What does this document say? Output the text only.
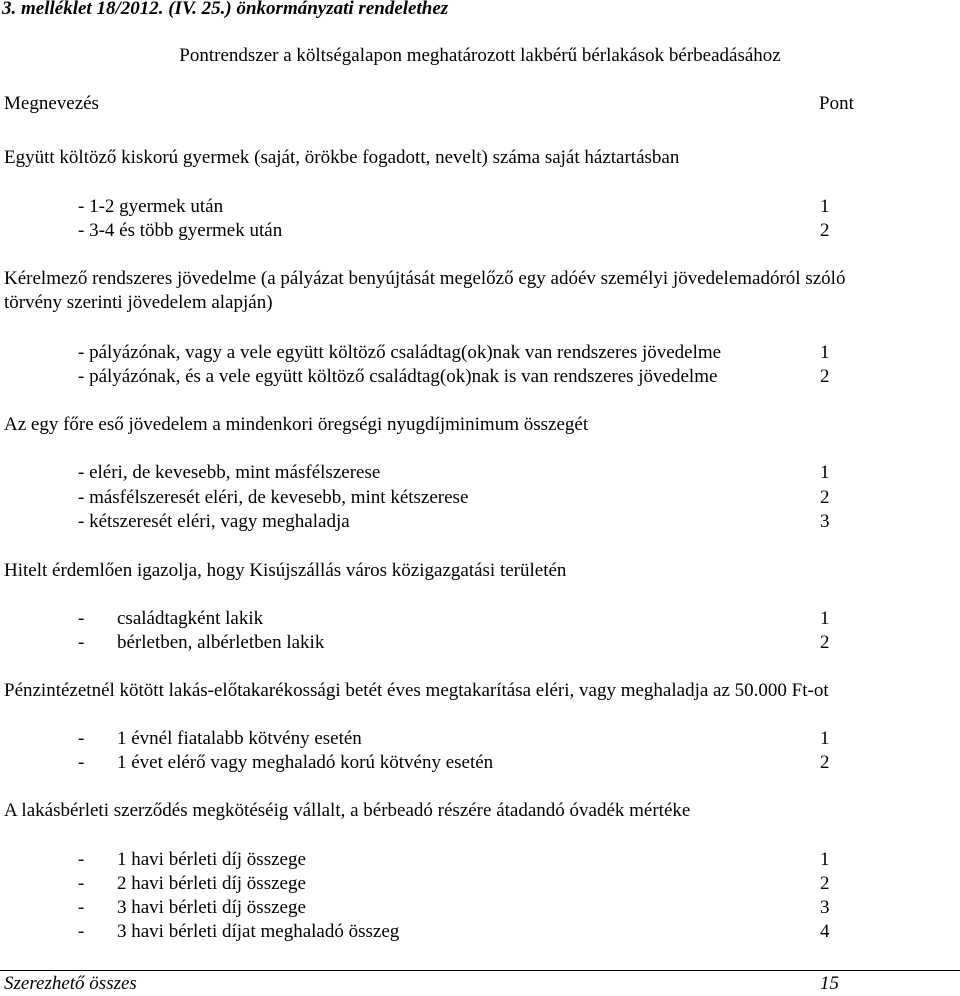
3. melléklet 18/2012. (IV. 25.) önkormányzati rendelethez
Pontrendszer a költségalapon meghatározott lakbérű bérlakások bérbeadásához
Megnevezés	Pont
Együtt költöző kiskorú gyermek (saját, örökbe fogadott, nevelt) száma saját háztartásban
- 1-2 gyermek után	1
- 3-4 és több gyermek után	2
Kérelmező rendszeres jövedelme (a pályázat benyújtását megelőző egy adóév személyi jövedelemadóról szóló
törvény szerinti jövedelem alapján)
- pályázónak, vagy a vele együtt költöző családtag(ok)nak van rendszeres jövedelme	1
- pályázónak, és a vele együtt költöző családtag(ok)nak is van rendszeres jövedelme	2
Az egy főre eső jövedelem a mindenkori öregségi nyugdíjminimum összegét
- eléri, de kevesebb, mint másfélszerese	1
- másfélszeresét eléri, de kevesebb, mint kétszerese	2
- kétszeresét eléri, vagy meghaladja	3
Hitelt érdemlően igazolja, hogy Kisújszállás város közigazgatási területén
- családtagként lakik	1
- bérletben, albérletben lakik	2
Pénzintézetnél kötött lakás-előtakarékossági betét éves megtakarítása eléri, vagy meghaladja az 50.000 Ft-ot
- 1 évnél fiatalabb kötvény esetén	1
- 1 évet elérő vagy meghaladó korú kötvény esetén	2
A lakásbérleti szerződés megkötéséig vállalt, a bérbeadó részére átadandó óvadék mértéke
- 1 havi bérleti díj összege	1
- 2 havi bérleti díj összege	2
- 3 havi bérleti díj összege	3
- 3 havi bérleti díjat meghaladó összeg	4
Szerezhető összes	15
